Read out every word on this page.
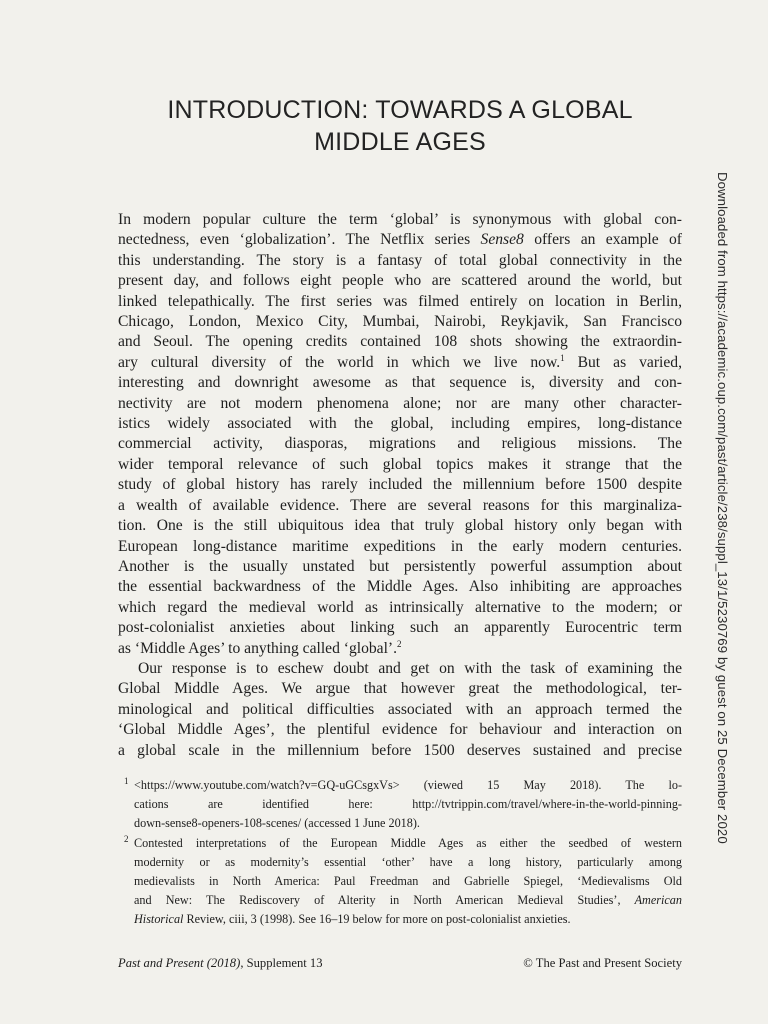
INTRODUCTION: TOWARDS A GLOBAL
MIDDLE AGES
In modern popular culture the term ‘global’ is synonymous with global con-
nectedness, even ‘globalization’. The Netflix series Sense8 offers an example of
this understanding. The story is a fantasy of total global connectivity in the
present day, and follows eight people who are scattered around the world, but
linked telepathically. The first series was filmed entirely on location in Berlin,
Chicago, London, Mexico City, Mumbai, Nairobi, Reykjavik, San Francisco
and Seoul. The opening credits contained 108 shots showing the extraordin-
ary cultural diversity of the world in which we live now.$^1$ But as varied,
interesting and downright awesome as that sequence is, diversity and con-
nectivity are not modern phenomena alone; nor are many other character-
istics widely associated with the global, including empires, long-distance
commercial activity, diasporas, migrations and religious missions. The
wider temporal relevance of such global topics makes it strange that the
study of global history has rarely included the millennium before 1500 despite
a wealth of available evidence. There are several reasons for this marginaliza-
tion. One is the still ubiquitous idea that truly global history only began with
European long-distance maritime expeditions in the early modern centuries.
Another is the usually unstated but persistently powerful assumption about
the essential backwardness of the Middle Ages. Also inhibiting are approaches
which regard the medieval world as intrinsically alternative to the modern; or
post-colonialist anxieties about linking such an apparently Eurocentric term
as ‘Middle Ages’ to anything called ‘global’.$^2$
Our response is to eschew doubt and get on with the task of examining the
Global Middle Ages. We argue that however great the methodological, ter-
minological and political difficulties associated with an approach termed the
‘Global Middle Ages’, the plentiful evidence for behaviour and interaction on
a global scale in the millennium before 1500 deserves sustained and precise
1 <https://www.youtube.com/watch?v=GQ-uGCsgxVs> (viewed 15 May 2018). The lo-
cations are identified here: http://tvtrippin.com/travel/where-in-the-world-pinning-
down-sense8-openers-108-scenes/ (accessed 1 June 2018).
2 Contested interpretations of the European Middle Ages as either the seedbed of western
modernity or as modernity’s essential ‘other’ have a long history, particularly among
medievalists in North America: Paul Freedman and Gabrielle Spiegel, ‘Medievalisms Old
and New: The Rediscovery of Alterity in North American Medieval Studies’, American
Historical Review, ciii, 3 (1998). See 16–19 below for more on post-colonialist anxieties.
Past and Present (2018), Supplement 13	© The Past and Present Society
Downloaded from https://academic.oup.com/past/article/238/suppl_13/1/5230769 by guest on 25 December 2020
